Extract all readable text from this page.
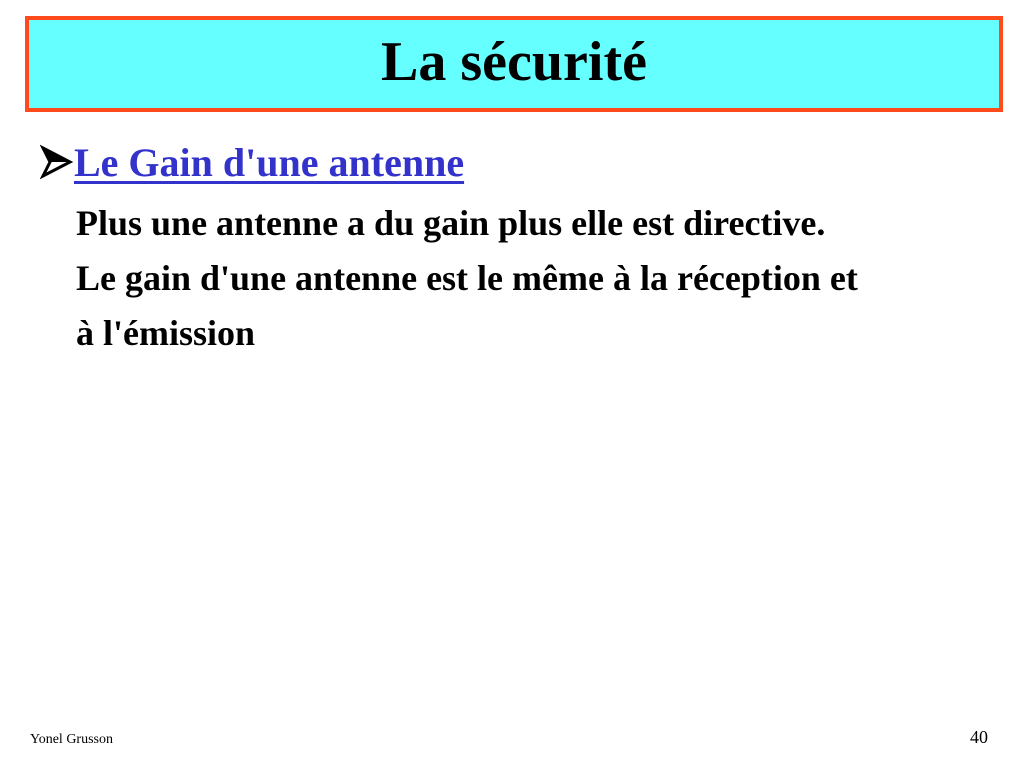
La sécurité
Le Gain d'une antenne

Plus une antenne a du gain plus elle est directive.

Le gain d'une antenne est le même à la réception et à l'émission

Yonel Grusson	40
